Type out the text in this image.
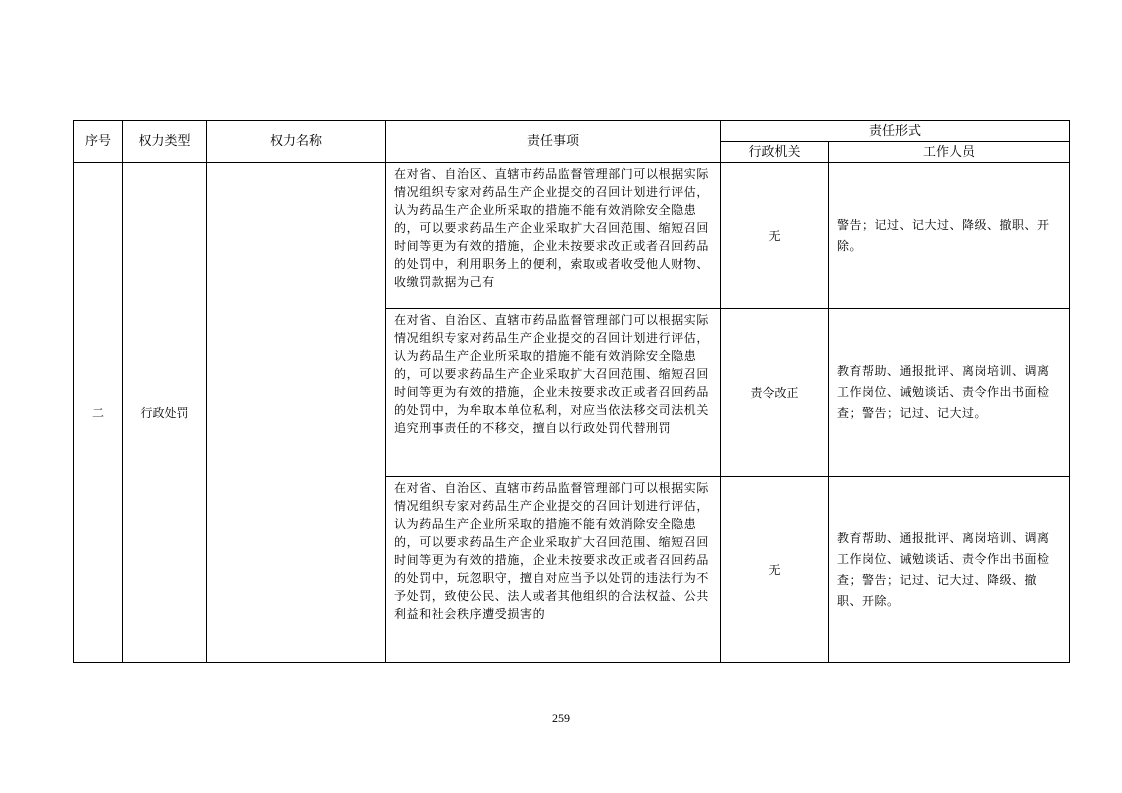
序号	权力类型	权力名称	责任事项	责任形式	
				行政机关	工作人员
二	行政处罚		在对省、自治区、直辖市药品监督管理部门可以根据实际情况组织专家对药品生产企业提交的召回计划进行评估，认为药品生产企业所采取的措施不能有效消除安全隐患的，可以要求药品生产企业采取扩大召回范围、缩短召回时间等更为有效的措施，企业未按要求改正或者召回药品的处罚中，利用职务上的便利，索取或者收受他人财物、收缴罚款据为己有	无	警告；记过、记大过、降级、撤职、开除。
			在对省、自治区、直辖市药品监督管理部门可以根据实际情况组织专家对药品生产企业提交的召回计划进行评估，认为药品生产企业所采取的措施不能有效消除安全隐患的，可以要求药品生产企业采取扩大召回范围、缩短召回时间等更为有效的措施，企业未按要求改正或者召回药品的处罚中，为牟取本单位私利，对应当依法移交司法机关追究刑事责任的不移交，擅自以行政处罚代替刑罚	责令改正	教育帮助、通报批评、离岗培训、调离工作岗位、诫勉谈话、责令作出书面检查；警告；记过、记大过。
			在对省、自治区、直辖市药品监督管理部门可以根据实际情况组织专家对药品生产企业提交的召回计划进行评估，认为药品生产企业所采取的措施不能有效消除安全隐患的，可以要求药品生产企业采取扩大召回范围、缩短召回时间等更为有效的措施，企业未按要求改正或者召回药品的处罚中，玩忽职守，擅自对应当予以处罚的违法行为不予处罚，致使公民、法人或者其他组织的合法权益、公共利益和社会秩序遭受损害的	无	教育帮助、通报批评、离岗培训、调离工作岗位、诫勉谈话、责令作出书面检查；警告；记过、记大过、降级、撤职、开除。
259
